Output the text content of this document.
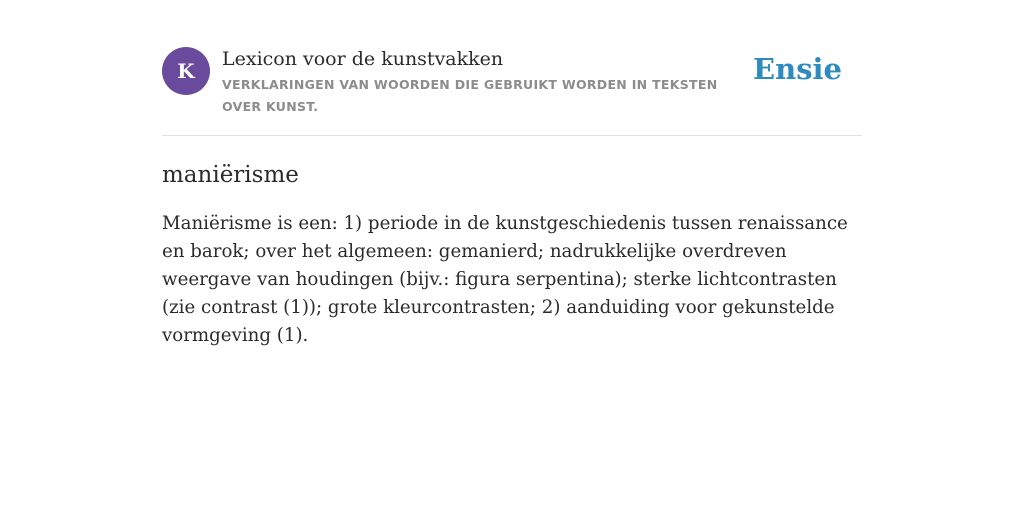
K	Lexicon voor de kunstvakken
VERKLARINGEN VAN WOORDEN DIE GEBRUIKT WORDEN IN TEKSTEN OVER KUNST.
Ensie
maniërisme

Maniërisme is een: 1) periode in de kunstgeschiedenis tussen renaissance en barok; over het algemeen: gemanierd; nadrukkelijke overdreven weergave van houdingen (bijv.: figura serpentina); sterke lichtcontrasten (zie contrast (1)); grote kleurcontrasten; 2) aanduiding voor gekunstelde vormgeving (1).
